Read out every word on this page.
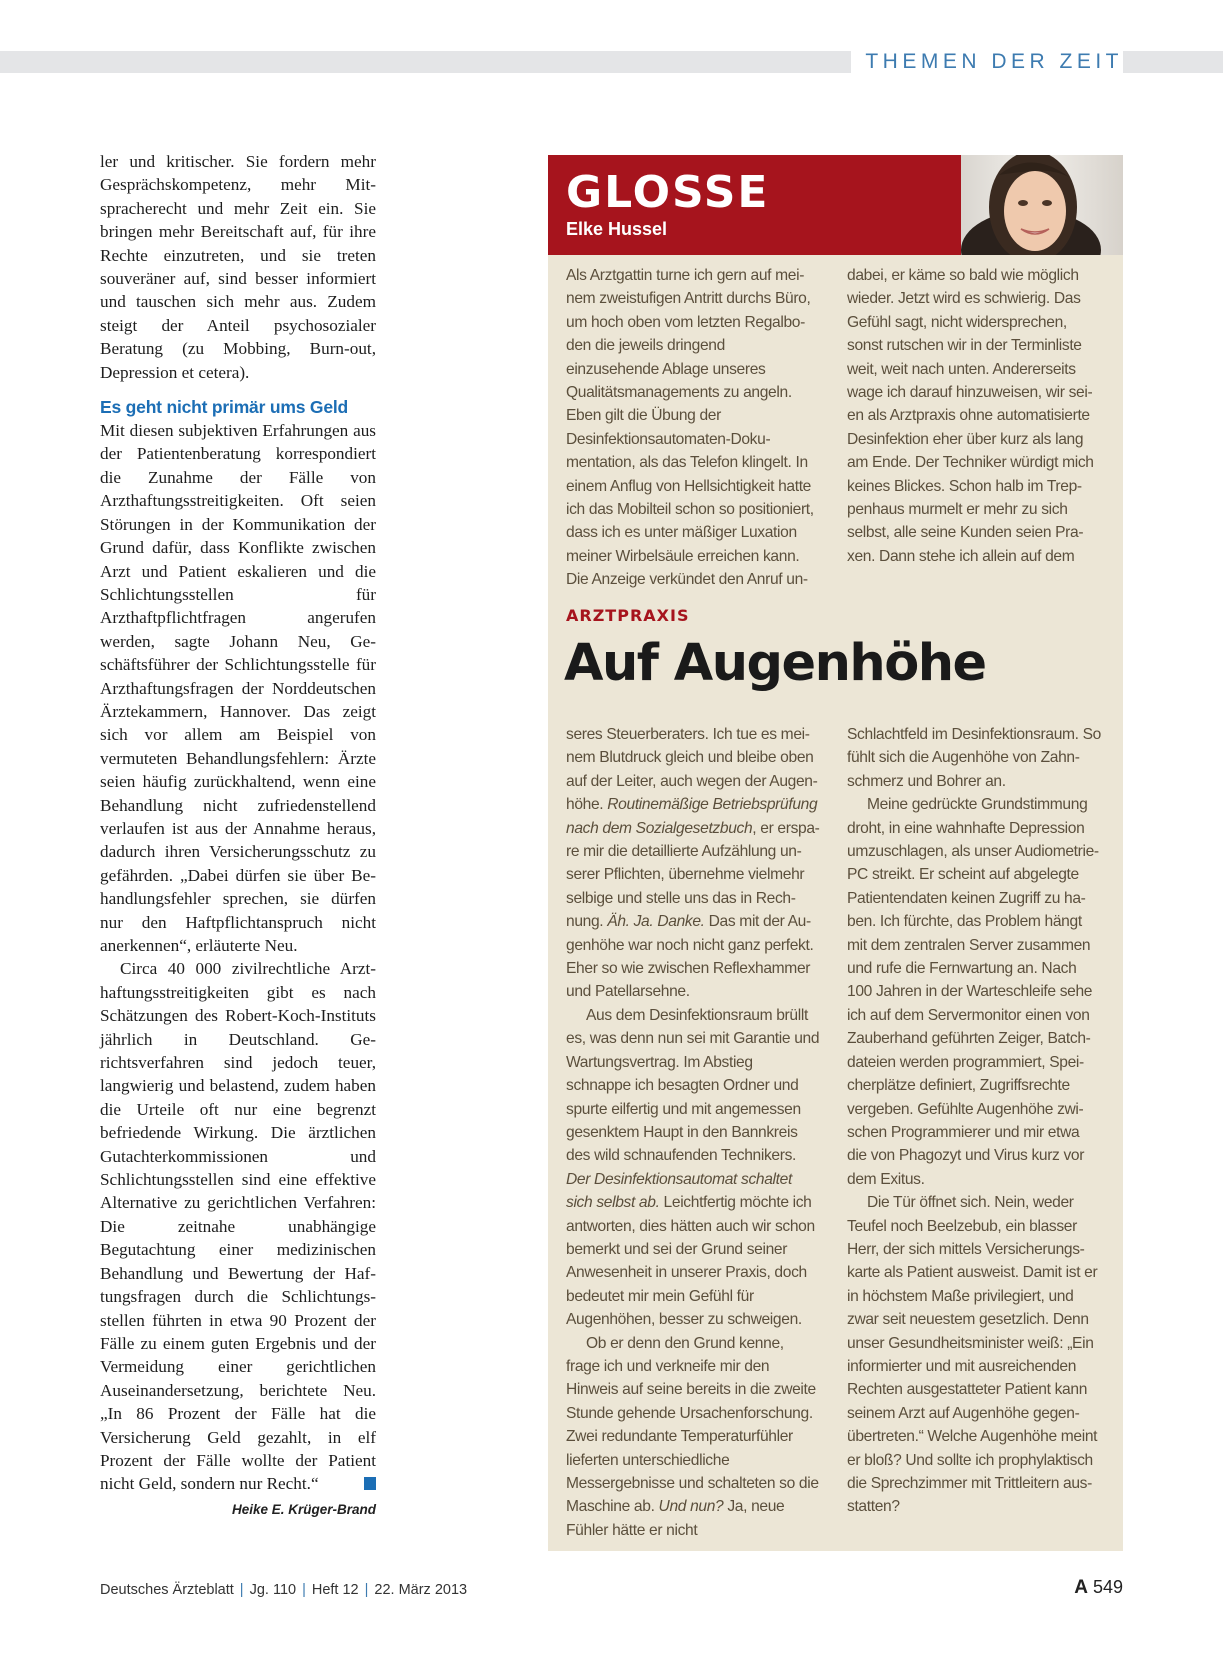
THEMEN DER ZEIT

ler und kritischer. Sie fordern mehr Gesprächskompetenz, mehr Mitspracherecht und mehr Zeit ein. Sie bringen mehr Bereitschaft auf, für ihre Rechte einzutreten, und sie treten souveräner auf, sind besser informiert und tauschen sich mehr aus. Zudem steigt der Anteil psychosozialer Beratung (zu Mobbing, Burn-out, Depression et cetera).

Es geht nicht primär ums Geld

Mit diesen subjektiven Erfahrungen aus der Patientenberatung korrespondiert die Zunahme der Fälle von Arzthaftungsstreitigkeiten. Oft seien Störungen in der Kommunikation der Grund dafür, dass Konflikte zwischen Arzt und Patient eskalieren und die Schlichtungsstellen für Arzthaftpflichtfragen angerufen werden, sagte Johann Neu, Geschäftsführer der Schlichtungsstelle für Arzthaftungsfragen der Norddeutschen Ärztekammern, Hannover. Das zeigt sich vor allem am Beispiel von vermuteten Behandlungsfehlern: Ärzte seien häufig zurückhaltend, wenn eine Behandlung nicht zufriedenstellend verlaufen ist aus der Annahme heraus, dadurch ihren Versicherungsschutz zu gefährden. „Dabei dürfen sie über Behandlungsfehler sprechen, sie dürfen nur den Haftpflichtanspruch nicht anerkennen“, erläuterte Neu.

Circa 40 000 zivilrechtliche Arzthaftungsstreitigkeiten gibt es nach Schätzungen des Robert-Koch-Instituts jährlich in Deutschland. Gerichtsverfahren sind jedoch teuer, langwierig und belastend, zudem haben die Urteile oft nur eine begrenzt befriedende Wirkung. Die ärztlichen Gutachterkommissionen und Schlichtungsstellen sind eine effektive Alternative zu gerichtlichen Verfahren: Die zeitnahe unabhängige Begutachtung einer medizinischen Behandlung und Bewertung der Haftungsfragen durch die Schlichtungsstellen führten in etwa 90 Prozent der Fälle zu einem guten Ergebnis und der Vermeidung einer gerichtlichen Auseinandersetzung, berichtete Neu. „In 86 Prozent der Fälle hat die Versicherung Geld gezahlt, in elf Prozent der Fälle wollte der Patient nicht Geld, sondern nur Recht.“

Heike E. Krüger-Brand
GLOSSE
Elke Hussel

Als Arztgattin turne ich gern auf meinem zweistufigen Antritt durchs Büro, um hoch oben vom letzten Regalboden die jeweils dringend einzusehende Ablage unseres Qualitätsmanagements zu angeln. Eben gilt die Übung der Desinfektionsautomaten-Dokumentation, als das Telefon klingelt. In einem Anflug von Hellsichtigkeit hatte ich das Mobilteil schon so positioniert, dass ich es unter mäßiger Luxation meiner Wirbelsäule erreichen kann. Die Anzeige verkündet den Anruf un-

dabei, er käme so bald wie möglich wieder. Jetzt wird es schwierig. Das Gefühl sagt, nicht widersprechen, sonst rutschen wir in der Terminliste weit, weit nach unten. Andererseits wage ich darauf hinzuweisen, wir seien als Arztpraxis ohne automatisierte Desinfektion eher über kurz als lang am Ende. Der Techniker würdigt mich keines Blickes. Schon halb im Treppenhaus murmelt er mehr zu sich selbst, alle seine Kunden seien Praxen. Dann stehe ich allein auf dem

ARZTPRAXIS
Auf Augenhöhe

seres Steuerberaters. Ich tue es meinem Blutdruck gleich und bleibe oben auf der Leiter, auch wegen der Augenhöhe. Routinemäßige Betriebsprüfung nach dem Sozialgesetzbuch, er erspare mir die detaillierte Aufzählung unserer Pflichten, übernehme vielmehr selbige und stelle uns das in Rechnung. Äh. Ja. Danke. Das mit der Augenhöhe war noch nicht ganz perfekt. Eher so wie zwischen Reflexhammer und Patellarsehne.

Aus dem Desinfektionsraum brüllt es, was denn nun sei mit Garantie und Wartungsvertrag. Im Abstieg schnappe ich besagten Ordner und spurte eilfertig und mit angemessen gesenktem Haupt in den Bannkreis des wild schnaufenden Technikers. Der Desinfektionsautomat schaltet sich selbst ab. Leichtfertig möchte ich antworten, dies hätten auch wir schon bemerkt und sei der Grund seiner Anwesenheit in unserer Praxis, doch bedeutet mir mein Gefühl für Augenhöhen, besser zu schweigen.

Ob er denn den Grund kenne, frage ich und verkneife mir den Hinweis auf seine bereits in die zweite Stunde gehende Ursachenforschung. Zwei redundante Temperaturfühler lieferten unterschiedliche Messergebnisse und schalteten so die Maschine ab. Und nun? Ja, neue Fühler hätte er nicht

Schlachtfeld im Desinfektionsraum. So fühlt sich die Augenhöhe von Zahnschmerz und Bohrer an.

Meine gedrückte Grundstimmung droht, in eine wahnhafte Depression umzuschlagen, als unser Audiometrie-PC streikt. Er scheint auf abgelegte Patientendaten keinen Zugriff zu haben. Ich fürchte, das Problem hängt mit dem zentralen Server zusammen und rufe die Fernwartung an. Nach 100 Jahren in der Warteschleife sehe ich auf dem Servermonitor einen von Zauberhand geführten Zeiger, Batchdateien werden programmiert, Speicherplätze definiert, Zugriffsrechte vergeben. Gefühlte Augenhöhe zwischen Programmierer und mir etwa die von Phagozyt und Virus kurz vor dem Exitus.

Die Tür öffnet sich. Nein, weder Teufel noch Beelzebub, ein blasser Herr, der sich mittels Versicherungskarte als Patient ausweist. Damit ist er in höchstem Maße privilegiert, und zwar seit neuestem gesetzlich. Denn unser Gesundheitsminister weiß: „Ein informierter und mit ausreichenden Rechten ausgestatteter Patient kann seinem Arzt auf Augenhöhe gegenübertreten.“ Welche Augenhöhe meint er bloß? Und sollte ich prophylaktisch die Sprechzimmer mit Trittleitern ausstatten?

Deutsches Ärzteblatt | Jg. 110 | Heft 12 | 22. März 2013	A 549
